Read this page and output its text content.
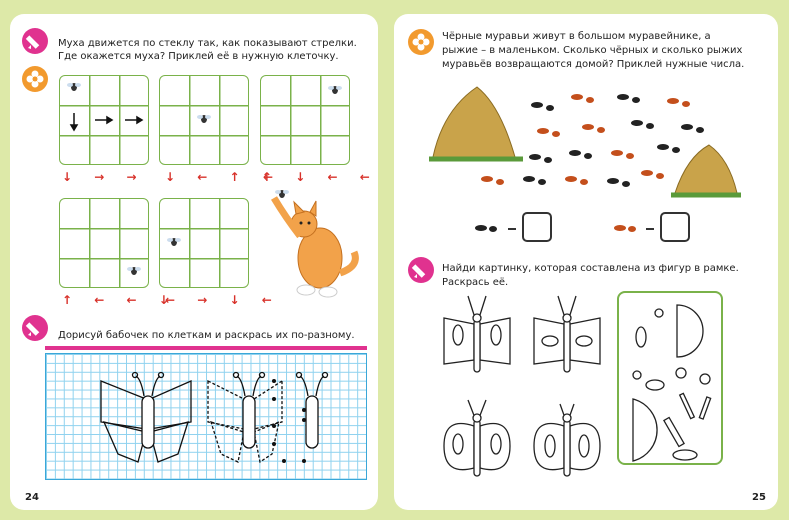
Муха движется по стеклу так, как показывают стрелки.
Где окажется муха? Приклей её в нужную клеточку.
↓ → → ↓ ← ↑ ↑
← ↓ ← ←
↑ ← ← ↓
← → ↓ ←
Дорисуй бабочек по клеткам и раскрась их по-разному.
24
Чёрные муравьи живут в большом муравейнике, а
рыжие – в маленьком. Сколько чёрных и сколько рыжих
муравьёв возвращаются домой? Приклей нужные числа.
Найди картинку, которая составлена из фигур в рамке.
Раскрась её.
25
